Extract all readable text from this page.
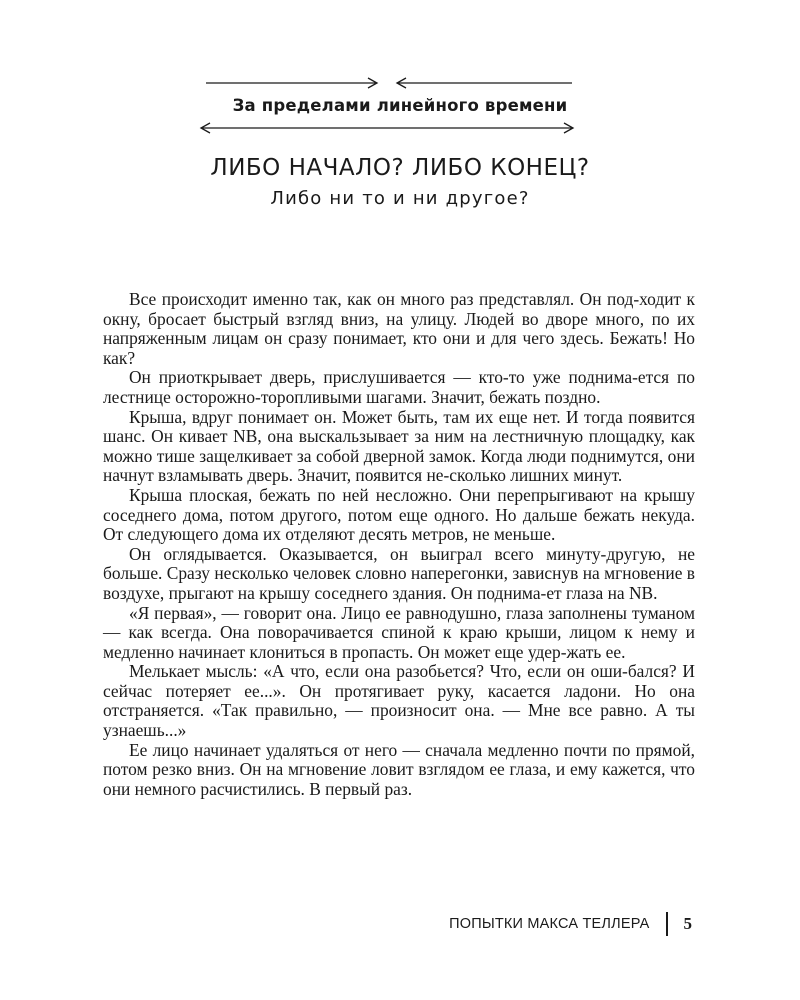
За пределами линейного времени
ЛИБО НАЧАЛО? ЛИБО КОНЕЦ?
Либо ни то и ни другое?

Все происходит именно так, как он много раз представлял. Он под-ходит к окну, бросает быстрый взгляд вниз, на улицу. Людей во дворе много, по их напряженным лицам он сразу понимает, кто они и для чего здесь. Бежать! Но как?

Он приоткрывает дверь, прислушивается — кто-то уже поднима-ется по лестнице осторожно-торопливыми шагами. Значит, бежать поздно.

Крыша, вдруг понимает он. Может быть, там их еще нет. И тогда появится шанс. Он кивает NB, она выскальзывает за ним на лестничную площадку, как можно тише защелкивает за собой дверной замок. Когда люди поднимутся, они начнут взламывать дверь. Значит, появится не-сколько лишних минут.

Крыша плоская, бежать по ней несложно. Они перепрыгивают на крышу соседнего дома, потом другого, потом еще одного. Но дальше бежать некуда. От следующего дома их отделяют десять метров, не меньше.

Он оглядывается. Оказывается, он выиграл всего минуту-другую, не больше. Сразу несколько человек словно наперегонки, зависнув на мгновение в воздухе, прыгают на крышу соседнего здания. Он поднима-ет глаза на NB.

«Я первая», — говорит она. Лицо ее равнодушно, глаза заполнены туманом — как всегда. Она поворачивается спиной к краю крыши, лицом к нему и медленно начинает клониться в пропасть. Он может еще удер-жать ее.

Мелькает мысль: «А что, если она разобьется? Что, если он оши-бался? И сейчас потеряет ее...». Он протягивает руку, касается ладони. Но она отстраняется. «Так правильно, — произносит она. — Мне все равно. А ты узнаешь...»

Ее лицо начинает удаляться от него — сначала медленно почти по прямой, потом резко вниз. Он на мгновение ловит взглядом ее глаза, и ему кажется, что они немного расчистились. В первый раз.

ПОПЫТКИ МАКСА ТЕЛЛЕРА 5
